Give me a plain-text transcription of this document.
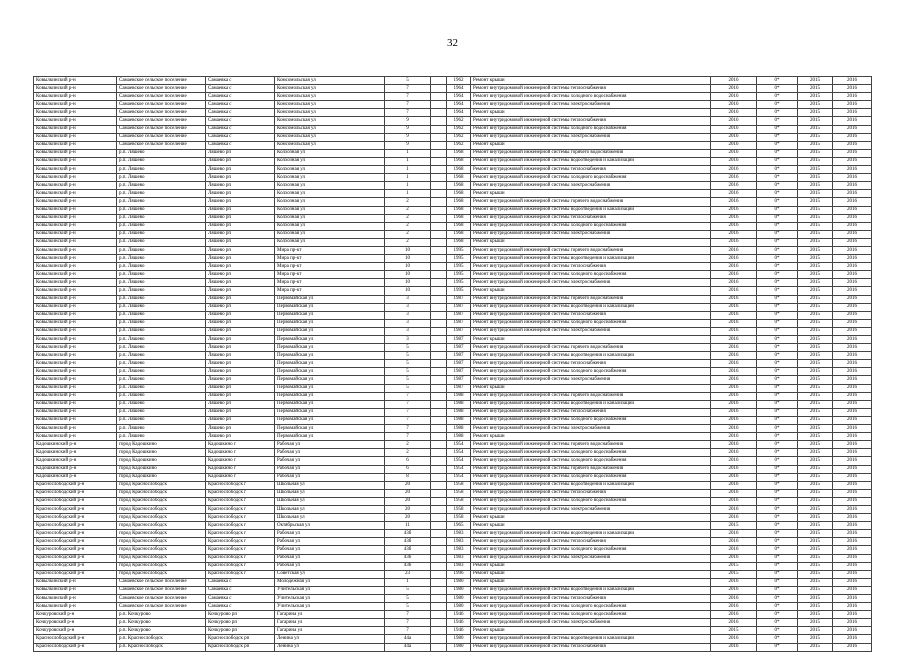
32
Ковылкинский р-н	Самаевское сельское поселение	Самаевка с	Комсомольская ул	5		1962	Ремонт крыши	2016	0*	2015	2016
Ковылкинский р-н	Самаевское сельское поселение	Самаевка с	Комсомольская ул	7		1964	Ремонт внутридомовой инженерной системы теплоснабжения	2016	0*	2015	2016
Ковылкинский р-н	Самаевское сельское поселение	Самаевка с	Комсомольская ул	7		1964	Ремонт внутридомовой инженерной системы холодного водоснабжения	2016	0*	2015	2016
Ковылкинский р-н	Самаевское сельское поселение	Самаевка с	Комсомольская ул	7		1964	Ремонт внутридомовой инженерной системы электроснабжения	2016	0*	2015	2016
Ковылкинский р-н	Самаевское сельское поселение	Самаевка с	Комсомольская ул	7		1964	Ремонт крыши	2016	0*	2015	2016
Ковылкинский р-н	Самаевское сельское поселение	Самаевка с	Комсомольская ул	9		1962	Ремонт внутридомовой инженерной системы теплоснабжения	2016	0*	2015	2016
Ковылкинский р-н	Самаевское сельское поселение	Самаевка с	Комсомольская ул	9		1962	Ремонт внутридомовой инженерной системы холодного водоснабжения	2016	0*	2015	2016
Ковылкинский р-н	Самаевское сельское поселение	Самаевка с	Комсомольская ул	9		1962	Ремонт внутридомовой инженерной системы электроснабжения	2016	0*	2015	2016
Ковылкинский р-н	Самаевское сельское поселение	Самаевка с	Комсомольская ул	9		1962	Ремонт крыши	2016	0*	2015	2016
Ковылкинский р-н	р.п. Ляшево	Ляшево рп	Колхозная ул	1		1968	Ремонт внутридомовой инженерной системы горячего водоснабжения	2016	0*	2015	2016
Ковылкинский р-н	р.п. Ляшево	Ляшево рп	Колхозная ул	1		1968	Ремонт внутридомовой инженерной системы водоотведения и канализации	2016	0*	2015	2016
Ковылкинский р-н	р.п. Ляшево	Ляшево рп	Колхозная ул	1		1968	Ремонт внутридомовой инженерной системы теплоснабжения	2016	0*	2015	2016
Ковылкинский р-н	р.п. Ляшево	Ляшево рп	Колхозная ул	1		1968	Ремонт внутридомовой инженерной системы холодного водоснабжения	2016	0*	2015	2016
Ковылкинский р-н	р.п. Ляшево	Ляшево рп	Колхозная ул	1		1968	Ремонт внутридомовой инженерной системы электроснабжения	2016	0*	2015	2016
Ковылкинский р-н	р.п. Ляшево	Ляшево рп	Колхозная ул	1		1968	Ремонт крыши	2016	0*	2015	2016
Ковылкинский р-н	р.п. Ляшево	Ляшево рп	Колхозная ул	2		1968	Ремонт внутридомовой инженерной системы горячего водоснабжения	2016	0*	2015	2016
Ковылкинский р-н	р.п. Ляшево	Ляшево рп	Колхозная ул	2		1968	Ремонт внутридомовой инженерной системы водоотведения и канализации	2016	0*	2015	2016
Ковылкинский р-н	р.п. Ляшево	Ляшево рп	Колхозная ул	2		1968	Ремонт внутридомовой инженерной системы теплоснабжения	2016	0*	2015	2016
Ковылкинский р-н	р.п. Ляшево	Ляшево рп	Колхозная ул	2		1968	Ремонт внутридомовой инженерной системы холодного водоснабжения	2016	0*	2015	2016
Ковылкинский р-н	р.п. Ляшево	Ляшево рп	Колхозная ул	2		1968	Ремонт внутридомовой инженерной системы электроснабжения	2016	0*	2015	2016
Ковылкинский р-н	р.п. Ляшево	Ляшево рп	Колхозная ул	2		1968	Ремонт крыши	2016	0*	2015	2016
Ковылкинский р-н	р.п. Ляшево	Ляшево рп	Мира пр-кт	10		1995	Ремонт внутридомовой инженерной системы горячего водоснабжения	2016	0*	2015	2016
Ковылкинский р-н	р.п. Ляшево	Ляшево рп	Мира пр-кт	10		1995	Ремонт внутридомовой инженерной системы водоотведения и канализации	2016	0*	2015	2016
Ковылкинский р-н	р.п. Ляшево	Ляшево рп	Мира пр-кт	10		1995	Ремонт внутридомовой инженерной системы теплоснабжения	2016	0*	2015	2016
Ковылкинский р-н	р.п. Ляшево	Ляшево рп	Мира пр-кт	10		1995	Ремонт внутридомовой инженерной системы холодного водоснабжения	2016	0*	2015	2016
Ковылкинский р-н	р.п. Ляшево	Ляшево рп	Мира пр-кт	10		1995	Ремонт внутридомовой инженерной системы электроснабжения	2016	0*	2015	2016
Ковылкинский р-н	р.п. Ляшево	Ляшево рп	Мира пр-кт	10		1995	Ремонт крыши	2016	0*	2015	2016
Ковылкинский р-н	р.п. Ляшево	Ляшево рп	Первомайская ул	3		1987	Ремонт внутридомовой инженерной системы горячего водоснабжения	2016	0*	2015	2016
Ковылкинский р-н	р.п. Ляшево	Ляшево рп	Первомайская ул	3		1987	Ремонт внутридомовой инженерной системы водоотведения и канализации	2016	0*	2015	2016
Ковылкинский р-н	р.п. Ляшево	Ляшево рп	Первомайская ул	3		1987	Ремонт внутридомовой инженерной системы теплоснабжения	2016	0*	2015	2016
Ковылкинский р-н	р.п. Ляшево	Ляшево рп	Первомайская ул	3		1987	Ремонт внутридомовой инженерной системы холодного водоснабжения	2016	0*	2015	2016
Ковылкинский р-н	р.п. Ляшево	Ляшево рп	Первомайская ул	3		1987	Ремонт внутридомовой инженерной системы электроснабжения	2016	0*	2015	2016
Ковылкинский р-н	р.п. Ляшево	Ляшево рп	Первомайская ул	3		1987	Ремонт крыши	2016	0*	2015	2016
Ковылкинский р-н	р.п. Ляшево	Ляшево рп	Первомайская ул	5		1987	Ремонт внутридомовой инженерной системы горячего водоснабжения	2016	0*	2015	2016
Ковылкинский р-н	р.п. Ляшево	Ляшево рп	Первомайская ул	5		1987	Ремонт внутридомовой инженерной системы водоотведения и канализации	2016	0*	2015	2016
Ковылкинский р-н	р.п. Ляшево	Ляшево рп	Первомайская ул	5		1987	Ремонт внутридомовой инженерной системы теплоснабжения	2016	0*	2015	2016
Ковылкинский р-н	р.п. Ляшево	Ляшево рп	Первомайская ул	5		1987	Ремонт внутридомовой инженерной системы холодного водоснабжения	2016	0*	2015	2016
Ковылкинский р-н	р.п. Ляшево	Ляшево рп	Первомайская ул	5		1987	Ремонт внутридомовой инженерной системы электроснабжения	2016	0*	2015	2016
Ковылкинский р-н	р.п. Ляшево	Ляшево рп	Первомайская ул	5		1987	Ремонт крыши	2016	0*	2015	2016
Ковылкинский р-н	р.п. Ляшево	Ляшево рп	Первомайская ул	7		1988	Ремонт внутридомовой инженерной системы горячего водоснабжения	2016	0*	2015	2016
Ковылкинский р-н	р.п. Ляшево	Ляшево рп	Первомайская ул	7		1988	Ремонт внутридомовой инженерной системы водоотведения и канализации	2016	0*	2015	2016
Ковылкинский р-н	р.п. Ляшево	Ляшево рп	Первомайская ул	7		1988	Ремонт внутридомовой инженерной системы теплоснабжения	2016	0*	2015	2016
Ковылкинский р-н	р.п. Ляшево	Ляшево рп	Первомайская ул	7		1988	Ремонт внутридомовой инженерной системы холодного водоснабжения	2016	0*	2015	2016
Ковылкинский р-н	р.п. Ляшево	Ляшево рп	Первомайская ул	7		1988	Ремонт внутридомовой инженерной системы электроснабжения	2016	0*	2015	2016
Ковылкинский р-н	р.п. Ляшево	Ляшево рп	Первомайская ул	7		1988	Ремонт крыши	2016	0*	2015	2016
Кадошкинский р-н	город Кадошкино	Кадошкино г	Рабочая ул	2		1954	Ремонт внутридомовой инженерной системы горячего водоснабжения	2016	0*	2015	2016
Кадошкинский р-н	город Кадошкино	Кадошкино г	Рабочая ул	2		1954	Ремонт внутридомовой инженерной системы холодного водоснабжения	2016	0*	2015	2016
Кадошкинский р-н	город Кадошкино	Кадошкино г	Рабочая ул	6		1954	Ремонт внутридомовой инженерной системы холодного водоснабжения	2016	0*	2015	2016
Кадошкинский р-н	город Кадошкино	Кадошкино г	Рабочая ул	6		1954	Ремонт внутридомовой инженерной системы горячего водоснабжения	2016	0*	2015	2016
Кадошкинский р-н	город Кадошкино	Кадошкино г	Рабочая ул	8		1954	Ремонт внутридомовой инженерной системы холодного водоснабжения	2016	0*	2015	2016
Краснослободский р-н	город Краснослободск	Краснослободск г	Школьная ул	20		1958	Ремонт внутридомовой инженерной системы водоотведения и канализации	2016	0*	2015	2016
Краснослободский р-н	город Краснослободск	Краснослободск г	Школьная ул	20		1958	Ремонт внутридомовой инженерной системы теплоснабжения	2016	0*	2015	2016
Краснослободский р-н	город Краснослободск	Краснослободск г	Школьная ул	20		1958	Ремонт внутридомовой инженерной системы холодного водоснабжения	2016	0*	2015	2016
Краснослободский р-н	город Краснослободск	Краснослободск г	Школьная ул	20		1958	Ремонт внутридомовой инженерной системы электроснабжения	2016	0*	2015	2016
Краснослободский р-н	город Краснослободск	Краснослободск г	Школьная ул	20		1958	Ремонт крыши	2016	0*	2015	2016
Краснослободский р-н	город Краснослободск	Краснослободск г	Октябрьская ул	11		1965	Ремонт крыши	2015	0*	2015	2016
Краснослободский р-н	город Краснослободск	Краснослободск г	Рабочая ул	43б		1983	Ремонт внутридомовой инженерной системы водоотведения и канализации	2016	0*	2015	2016
Краснослободский р-н	город Краснослободск	Краснослободск г	Рабочая ул	43б		1983	Ремонт внутридомовой инженерной системы теплоснабжения	2016	0*	2015	2016
Краснослободский р-н	город Краснослободск	Краснослободск г	Рабочая ул	43б		1983	Ремонт внутридомовой инженерной системы холодного водоснабжения	2016	0*	2015	2016
Краснослободский р-н	город Краснослободск	Краснослободск г	Рабочая ул	43б		1983	Ремонт внутридомовой инженерной системы электроснабжения	2016	0*	2015	2016
Краснослободский р-н	город Краснослободск	Краснослободск г	Рабочая ул	43б		1983	Ремонт крыши	2015	0*	2015	2016
Краснослободский р-н	город Краснослободск	Краснослободск г	Советская ул	23		1996	Ремонт крыши	2015	0*	2015	2016
Ковылкинский р-н	Самаевское сельское поселение	Самаевка с	Молодежная ул	1		1980	Ремонт крыши	2016	0*	2015	2016
Ковылкинский р-н	Самаевское сельское поселение	Самаевка с	Учительская ул	5		1980	Ремонт внутридомовой инженерной системы водоотведения и канализации	2016	0*	2015	2016
Ковылкинский р-н	Самаевское сельское поселение	Самаевка с	Учительская ул	5		1980	Ремонт внутридомовой инженерной системы теплоснабжения	2016	0*	2015	2016
Ковылкинский р-н	Самаевское сельское поселение	Самаевка с	Учительская ул	5		1980	Ремонт внутридомовой инженерной системы холодного водоснабжения	2016	0*	2015	2016
Кочкуровский р-н	р.п. Кочкурово	Кочкурово рп	Гагарина ул	7		1946	Ремонт внутридомовой инженерной системы холодного водоснабжения	2016	0*	2015	2016
Кочкуровский р-н	р.п. Кочкурово	Кочкурово рп	Гагарина ул	7		1946	Ремонт внутридомовой инженерной системы электроснабжения	2016	0*	2015	2016
Кочкуровский р-н	р.п. Кочкурово	Кочкурово рп	Гагарина ул	7		1946	Ремонт крыши	2015	0*	2015	2016
Краснослободский р-н	р.п. Краснослободск	Краснослободск рп	Ленина ул	44а		1980	Ремонт внутридомовой инженерной системы водоотведения и канализации	2016	0*	2015	2016
Краснослободский р-н	р.п. Краснослободск	Краснослободск рп	Ленина ул	44а		1980	Ремонт внутридомовой инженерной системы теплоснабжения	2016	0*	2015	2016
